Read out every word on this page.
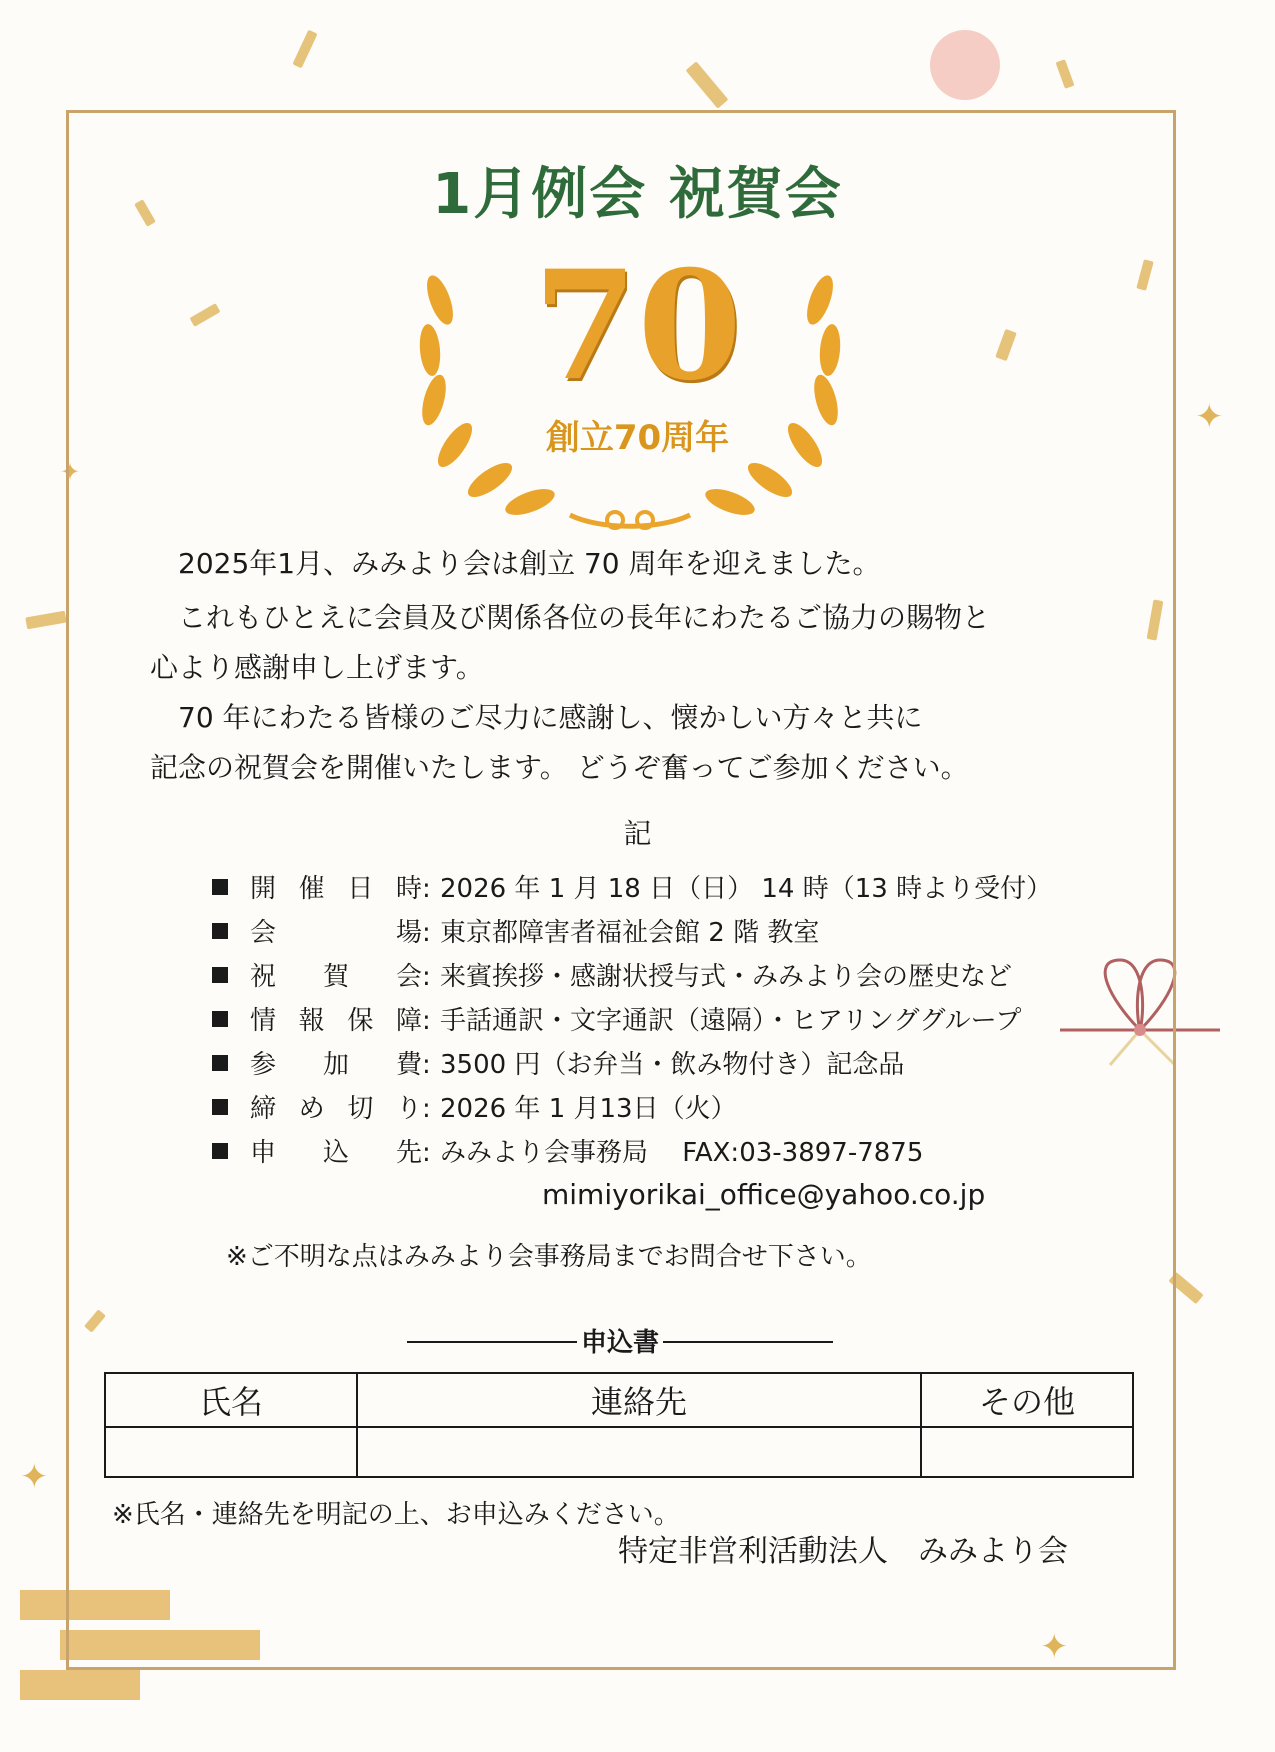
✦
✦
✦
✦
1月例会 祝賀会
70
創立70周年
2025年1月、みみより会は創立 70 周年を迎えました。
これもひとえに会員及び関係各位の長年にわたるご協力の賜物と
心より感謝申し上げます。
70 年にわたる皆様のご尽力に感謝し、懐かしい方々と共に
記念の祝賀会を開催いたします。 どうぞ奮ってご参加ください。
記
開催日時: 2026 年 1 月 18 日（日） 14 時（13 時より受付）
会　　場: 東京都障害者福祉会館 2 階 教室
祝 賀 会: 来賓挨拶・感謝状授与式・みみより会の歴史など
情報保障: 手話通訳・文字通訳（遠隔）・ヒアリンググループ
参 加 費: 3500 円（お弁当・飲み物付き）記念品
締め切り: 2026 年 1 月13日（火）
申 込 先: みみより会事務局　 FAX:03-3897-7875
mimiyorikai_office@yahoo.co.jp
※ご不明な点はみみより会事務局までお問合せ下さい。
申込書
氏名	連絡先	その他

※氏名・連絡先を明記の上、お申込みください。
特定非営利活動法人　みみより会
